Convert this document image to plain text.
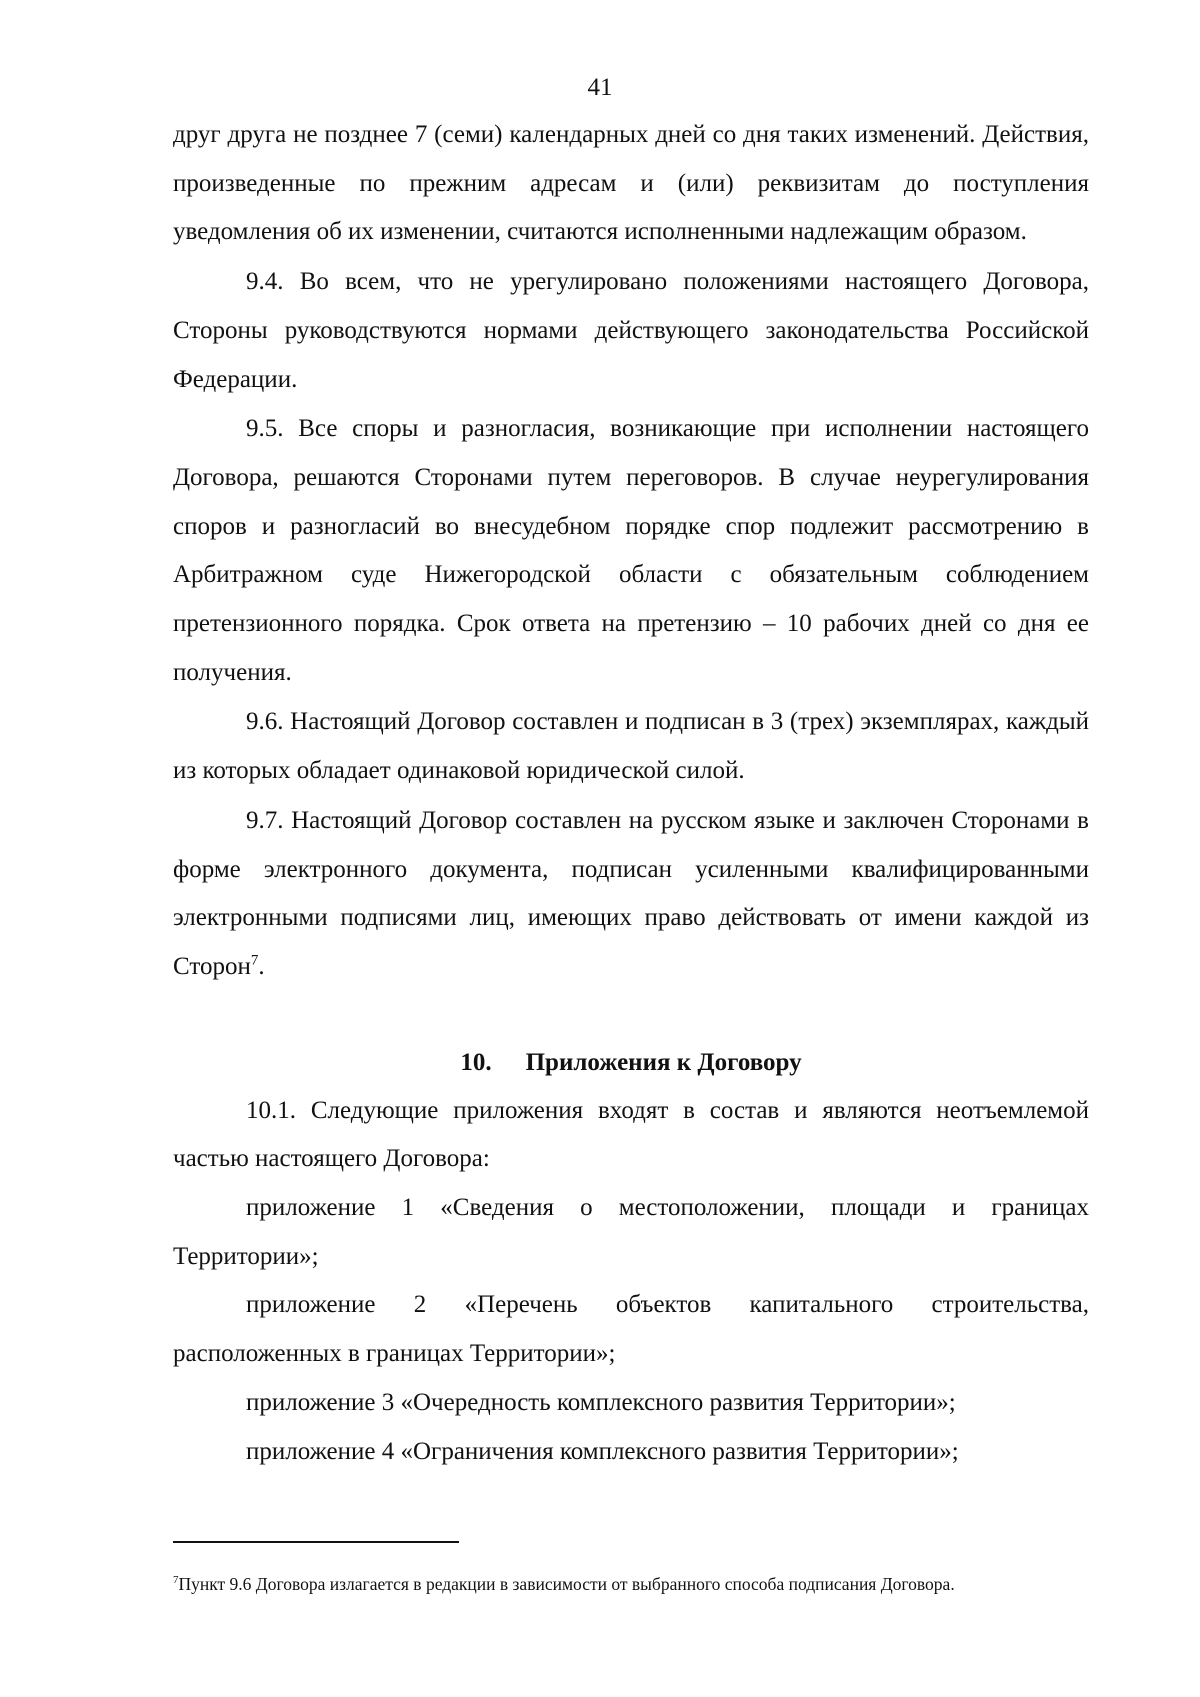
41

друг друга не позднее 7 (семи) календарных дней со дня таких изменений. Действия, произведенные по прежним адресам и (или) реквизитам до поступления уведомления об их изменении, считаются исполненными надлежащим образом.

9.4. Во всем, что не урегулировано положениями настоящего Договора, Стороны руководствуются нормами действующего законодательства Российской Федерации.

9.5. Все споры и разногласия, возникающие при исполнении настоящего Договора, решаются Сторонами путем переговоров. В случае неурегулирования споров и разногласий во внесудебном порядке спор подлежит рассмотрению в Арбитражном суде Нижегородской области с обязательным соблюдением претензионного порядка. Срок ответа на претензию – 10 рабочих дней со дня ее получения.

9.6. Настоящий Договор составлен и подписан в 3 (трех) экземплярах, каждый из которых обладает одинаковой юридической силой.

9.7. Настоящий Договор составлен на русском языке и заключен Сторонами в форме электронного документа, подписан усиленными квалифицированными электронными подписями лиц, имеющих право действовать от имени каждой из Сторон$^7$.

10. Приложения к Договору

10.1. Следующие приложения входят в состав и являются неотъемлемой частью настоящего Договора:

приложение 1 «Сведения о местоположении, площади и границах Территории»;

приложение 2 «Перечень объектов капитального строительства, расположенных в границах Территории»;

приложение 3 «Очередность комплексного развития Территории»;

приложение 4 «Ограничения комплексного развития Территории»;

$^7$Пункт 9.6 Договора излагается в редакции в зависимости от выбранного способа подписания Договора.
